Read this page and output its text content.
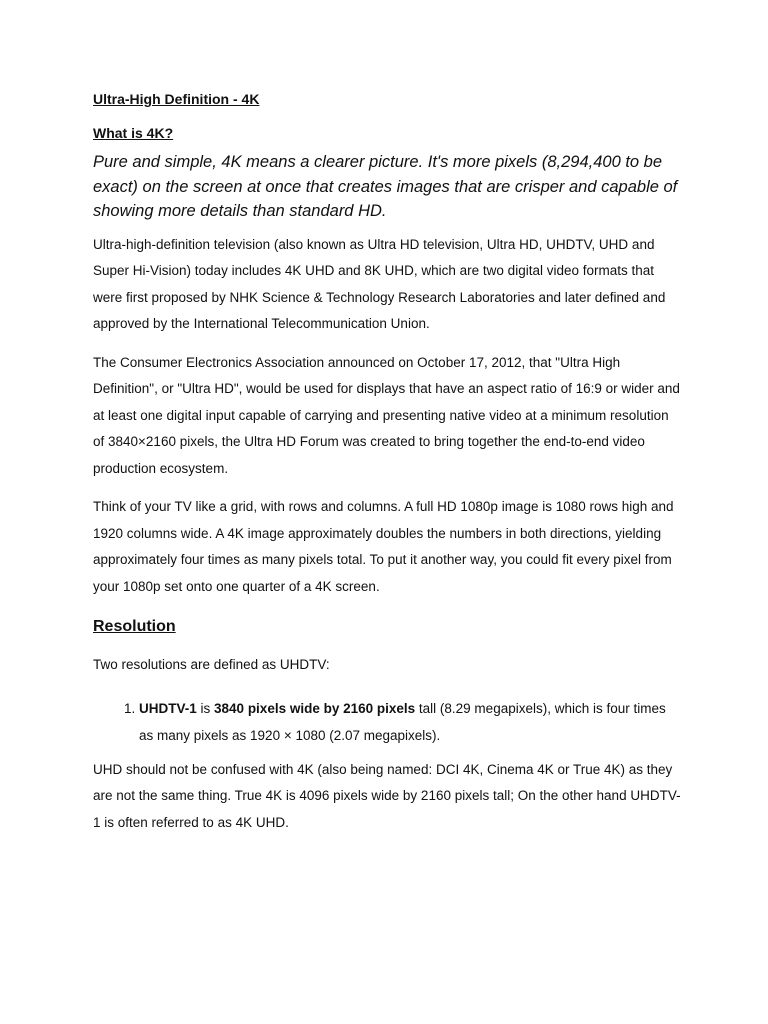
Ultra-High Definition - 4K
What is 4K?

Pure and simple, 4K means a clearer picture. It's more pixels (8,294,400 to be exact) on the screen at once that creates images that are crisper and capable of showing more details than standard HD.

Ultra-high-definition television (also known as Ultra HD television, Ultra HD, UHDTV, UHD and Super Hi-Vision) today includes 4K UHD and 8K UHD, which are two digital video formats that were first proposed by NHK Science & Technology Research Laboratories and later defined and approved by the International Telecommunication Union.

The Consumer Electronics Association announced on October 17, 2012, that "Ultra High Definition", or "Ultra HD", would be used for displays that have an aspect ratio of 16:9 or wider and at least one digital input capable of carrying and presenting native video at a minimum resolution of 3840×2160 pixels, the Ultra HD Forum was created to bring together the end-to-end video production ecosystem.

Think of your TV like a grid, with rows and columns. A full HD 1080p image is 1080 rows high and 1920 columns wide. A 4K image approximately doubles the numbers in both directions, yielding approximately four times as many pixels total. To put it another way, you could fit every pixel from your 1080p set onto one quarter of a 4K screen.

Resolution

Two resolutions are defined as UHDTV:

1. UHDTV-1 is 3840 pixels wide by 2160 pixels tall (8.29 megapixels), which is four times as many pixels as 1920 × 1080 (2.07 megapixels).

UHD should not be confused with 4K (also being named: DCI 4K, Cinema 4K or True 4K) as they are not the same thing. True 4K is 4096 pixels wide by 2160 pixels tall; On the other hand UHDTV-1 is often referred to as 4K UHD.
